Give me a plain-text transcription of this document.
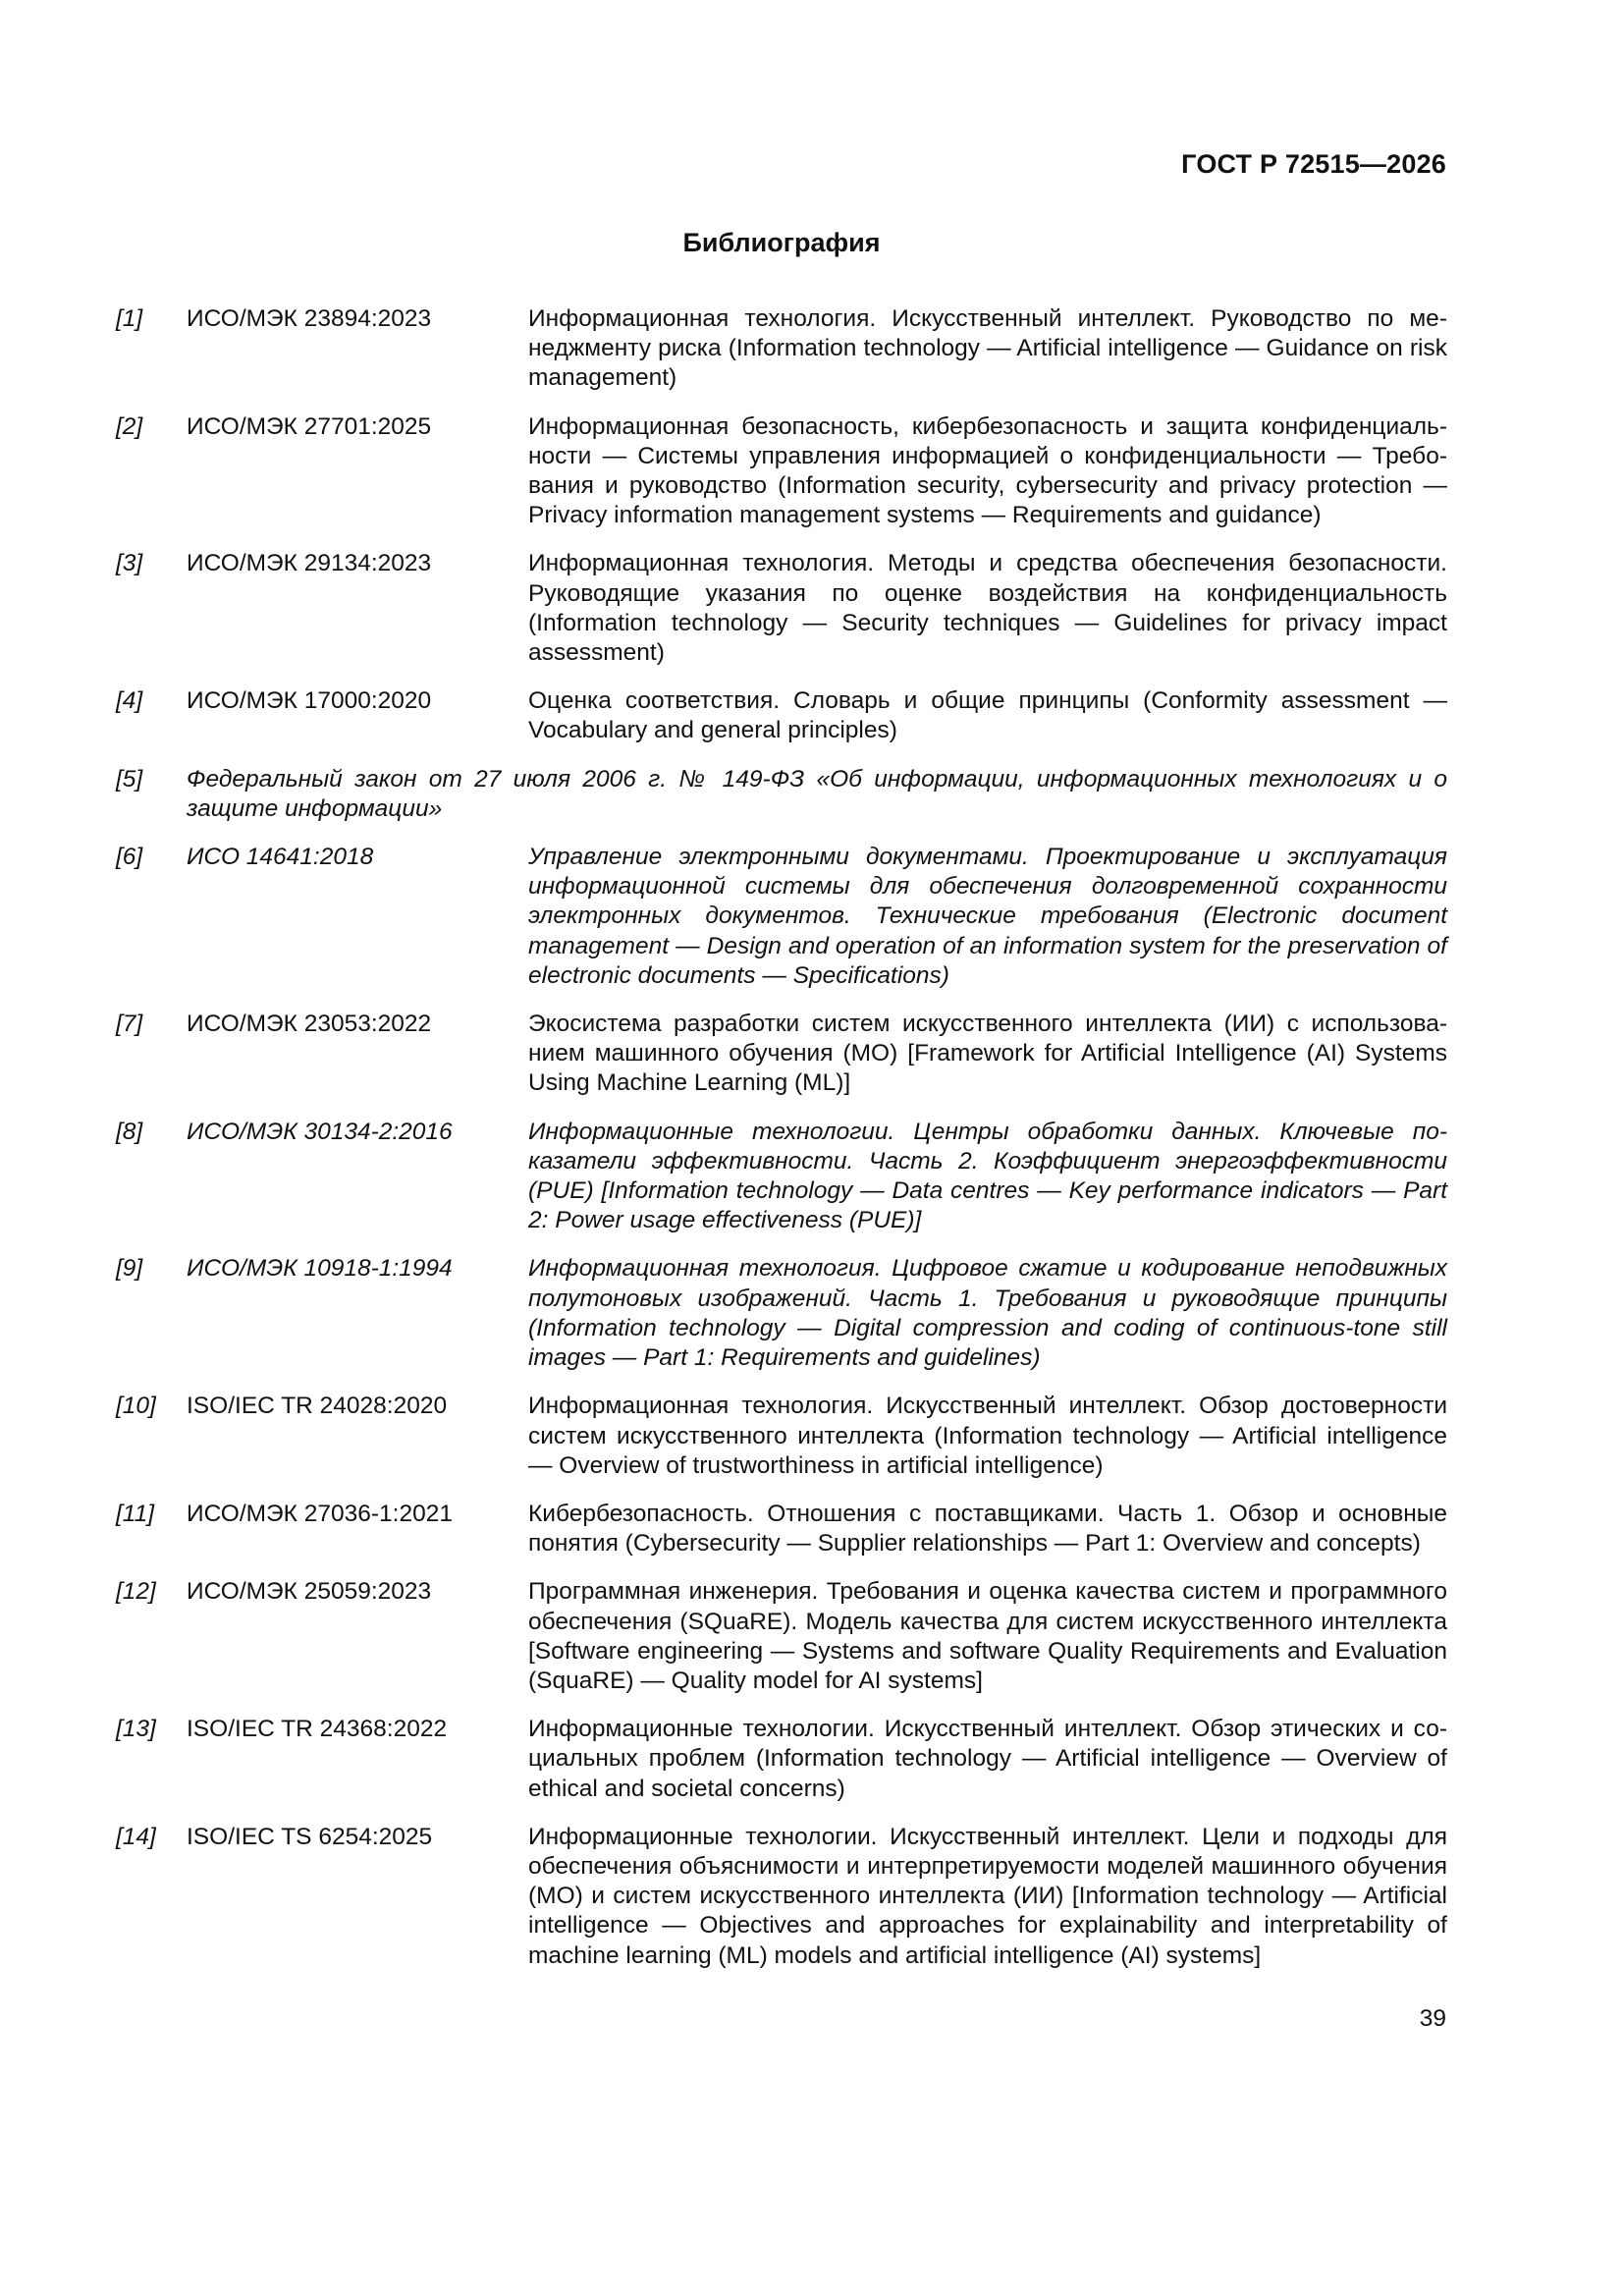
ГОСТ Р 72515—2026
Библиография
[1] ИСО/МЭК 23894:2023	Информационная технология. Искусственный интеллект. Руководство по менеджменту риска (Information technology — Artificial intelligence — Guidance on risk management)
[2] ИСО/МЭК 27701:2025	Информационная безопасность, кибербезопасность и защита конфиденциальности — Системы управления информацией о конфиденциальности — Требования и руководство (Information security, cybersecurity and privacy protection — Privacy information management systems — Requirements and guidance)
[3] ИСО/МЭК 29134:2023	Информационная технология. Методы и средства обеспечения безопасности. Руководящие указания по оценке воздействия на конфиденциальность (Information technology — Security techniques — Guidelines for privacy impact assessment)
[4] ИСО/МЭК 17000:2020	Оценка соответствия. Словарь и общие принципы (Conformity assessment — Vocabulary and general principles)
[5] Федеральный закон от 27 июля 2006 г. № 149-ФЗ «Об информации, информационных технологиях и о защите информации»
[6] ИСО 14641:2018	Управление электронными документами. Проектирование и эксплуатация информационной системы для обеспечения долговременной сохранности электронных документов. Технические требования (Electronic document management — Design and operation of an information system for the preservation of electronic documents — Specifications)
[7] ИСО/МЭК 23053:2022	Экосистема разработки систем искусственного интеллекта (ИИ) с использованием машинного обучения (МО) [Framework for Artificial Intelligence (AI) Systems Using Machine Learning (ML)]
[8] ИСО/МЭК 30134-2:2016	Информационные технологии. Центры обработки данных. Ключевые показатели эффективности. Часть 2. Коэффициент энергоэффективности (PUE) [Information technology — Data centres — Key performance indicators — Part 2: Power usage effectiveness (PUE)]
[9] ИСО/МЭК 10918-1:1994	Информационная технология. Цифровое сжатие и кодирование неподвижных полутоновых изображений. Часть 1. Требования и руководящие принципы (Information technology — Digital compression and coding of continuous-tone still images — Part 1: Requirements and guidelines)
[10] ISO/IEC TR 24028:2020	Информационная технология. Искусственный интеллект. Обзор достоверности систем искусственного интеллекта (Information technology — Artificial intelligence — Overview of trustworthiness in artificial intelligence)
[11] ИСО/МЭК 27036-1:2021	Кибербезопасность. Отношения с поставщиками. Часть 1. Обзор и основные понятия (Cybersecurity — Supplier relationships — Part 1: Overview and concepts)
[12] ИСО/МЭК 25059:2023	Программная инженерия. Требования и оценка качества систем и программного обеспечения (SQuaRE). Модель качества для систем искусственного интеллекта [Software engineering — Systems and software Quality Requirements and Evaluation (SquaRE) — Quality model for AI systems]
[13] ISO/IEC TR 24368:2022	Информационные технологии. Искусственный интеллект. Обзор этических и социальных проблем (Information technology — Artificial intelligence — Overview of ethical and societal concerns)
[14] ISO/IEC TS 6254:2025	Информационные технологии. Искусственный интеллект. Цели и подходы для обеспечения объяснимости и интерпретируемости моделей машинного обучения (МО) и систем искусственного интеллекта (ИИ) [Information technology — Artificial intelligence — Objectives and approaches for explainability and interpretability of machine learning (ML) models and artificial intelligence (AI) systems]
39
